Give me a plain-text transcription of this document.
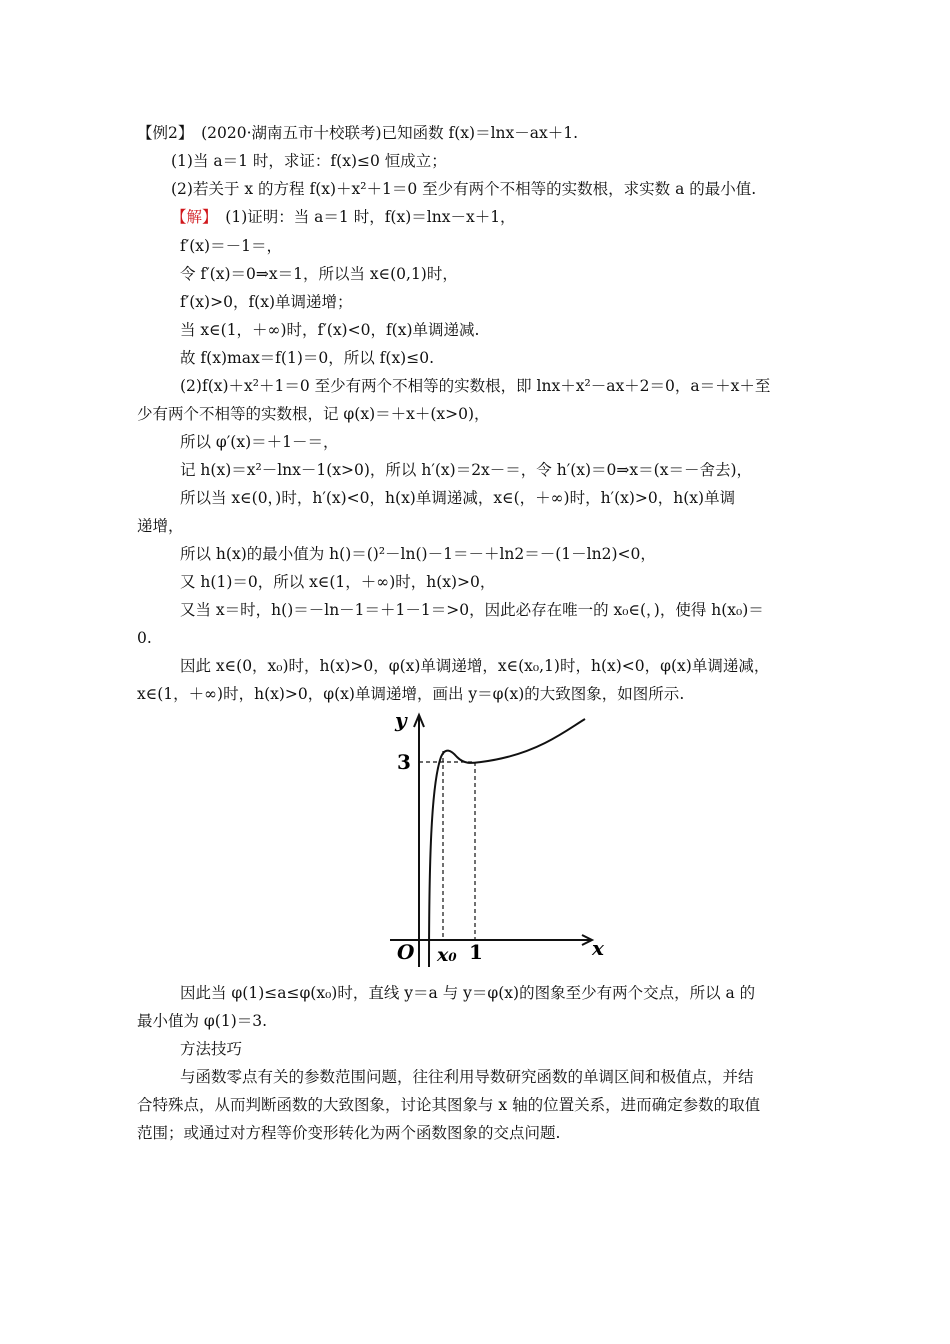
【例2】　(2020·湖南五市十校联考)已知函数 f(x)＝lnx－ax＋1.
(1)当 a＝1 时，求证：f(x)≤0 恒成立；
(2)若关于 x 的方程 f(x)＋x²＋1＝0 至少有两个不相等的实数根，求实数 a 的最小值.
【解】　 (1)证明：当 a＝1 时，f(x)＝lnx－x＋1，
f′(x)＝－1＝，
令 f′(x)＝0⇒x＝1，所以当 x∈(0,1)时，
f′(x)>0，f(x)单调递增；
当 x∈(1，＋∞)时，f′(x)<0，f(x)单调递减.
故 f(x)max＝f(1)＝0，所以 f(x)≤0.
(2)f(x)＋x²＋1＝0 至少有两个不相等的实数根，即 lnx＋x²－ax＋2＝0，a＝＋x＋至
少有两个不相等的实数根，记 φ(x)＝＋x＋(x>0)，
所以 φ′(x)＝＋1－＝，
记 h(x)＝x²－lnx－1(x>0)，所以 h′(x)＝2x－＝，令 h′(x)＝0⇒x＝(x＝－舍去)，
所以当 x∈(0，)时，h′(x)<0，h(x)单调递减，x∈(，＋∞)时，h′(x)>0，h(x)单调
递增，
所以 h(x)的最小值为 h()＝()²－ln()－1＝－＋ln2＝－(1－ln2)<0，
又 h(1)＝0，所以 x∈(1，＋∞)时，h(x)>0，
又当 x＝时，h()＝－ln－1＝＋1－1＝>0，因此必存在唯一的 x₀∈(，)，使得 h(x₀)＝
0.
因此 x∈(0，x₀)时，h(x)>0，φ(x)单调递增，x∈(x₀,1)时，h(x)<0，φ(x)单调递减，
x∈(1，＋∞)时，h(x)>0，φ(x)单调递增，画出 y＝φ(x)的大致图象，如图所示.
y
x
O
3
x₀ 1
因此当 φ(1)≤a≤φ(x₀)时，直线 y＝a 与 y＝φ(x)的图象至少有两个交点，所以 a 的
最小值为 φ(1)＝3.
方法技巧
与函数零点有关的参数范围问题，往往利用导数研究函数的单调区间和极值点，并结
合特殊点，从而判断函数的大致图象，讨论其图象与 x 轴的位置关系，进而确定参数的取值
范围；或通过对方程等价变形转化为两个函数图象的交点问题.
